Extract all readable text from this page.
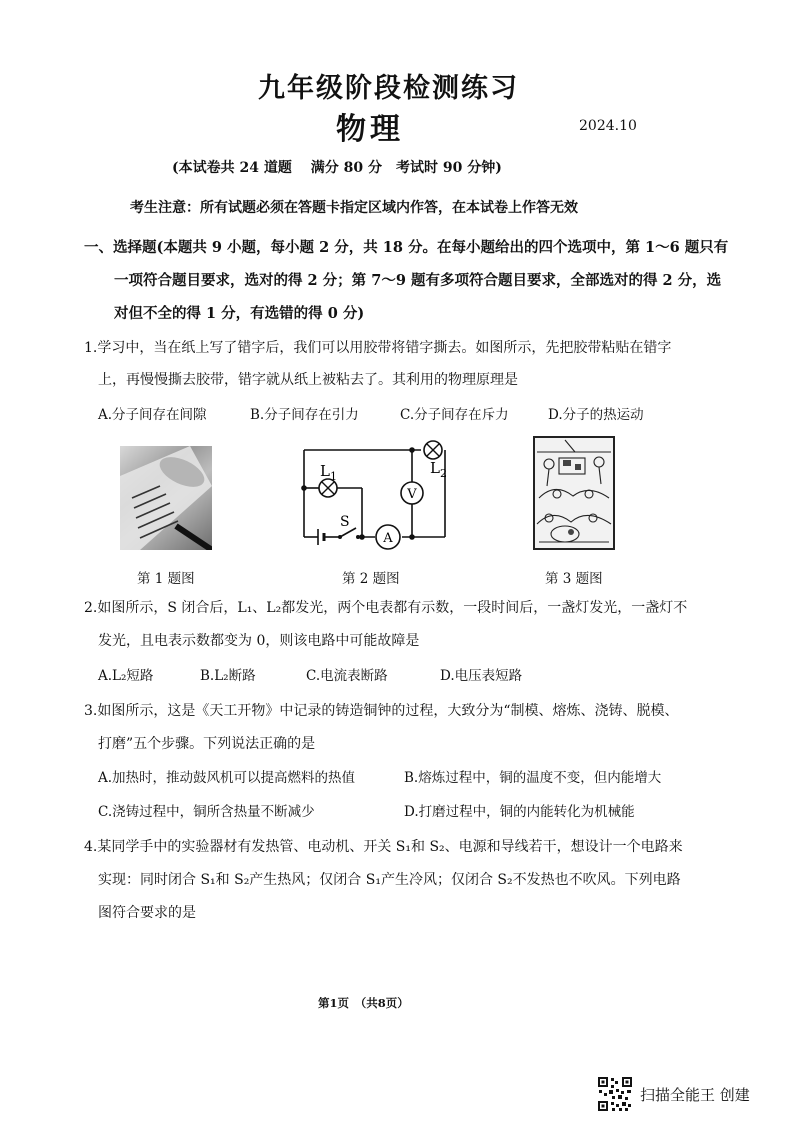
九年级阶段检测练习
物理	2024.10
(本试卷共 24 道题　 满分 80 分　考试时 90 分钟)
考生注意：所有试题必须在答题卡指定区域内作答，在本试卷上作答无效
一、选择题(本题共 9 小题，每小题 2 分，共 18 分。在每小题给出的四个选项中，第 1～6 题只有
一项符合题目要求，选对的得 2 分；第 7～9 题有多项符合题目要求，全部选对的得 2 分，选
对但不全的得 1 分，有选错的得 0 分)
1.学习中，当在纸上写了错字后，我们可以用胶带将错字撕去。如图所示，先把胶带粘贴在错字
上，再慢慢撕去胶带，错字就从纸上被粘去了。其利用的物理原理是
A.分子间存在间隙	B.分子间存在引力	C.分子间存在斥力	D.分子的热运动
V
A
L 1	L 2
S
第 1 题图	第 2 题图	第 3 题图
2.如图所示，S 闭合后，L₁、L₂都发光，两个电表都有示数，一段时间后，一盏灯发光，一盏灯不
发光，且电表示数都变为 0，则该电路中可能故障是
A.L₂短路	B.L₂断路	C.电流表断路	D.电压表短路
3.如图所示，这是《天工开物》中记录的铸造铜钟的过程，大致分为“制模、熔炼、浇铸、脱模、
打磨”五个步骤。下列说法正确的是
A.加热时，推动鼓风机可以提高燃料的热值	B.熔炼过程中，铜的温度不变，但内能增大
C.浇铸过程中，铜所含热量不断减少	D.打磨过程中，铜的内能转化为机械能
4.某同学手中的实验器材有发热管、电动机、开关 S₁和 S₂、电源和导线若干，想设计一个电路来
实现：同时闭合 S₁和 S₂产生热风；仅闭合 S₁产生冷风；仅闭合 S₂不发热也不吹风。下列电路
图符合要求的是
第1页　（共8页）
扫描全能王 创建
